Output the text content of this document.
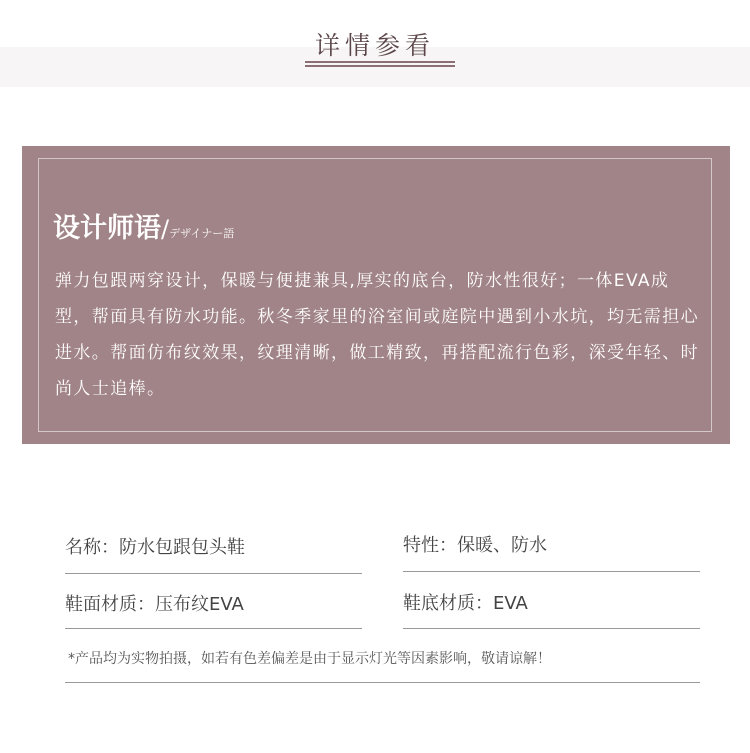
详情参看
设计师语/デザイナー語
弹力包跟两穿设计，保暖与便捷兼具,厚实的底台，防水性很好；一体EVA成型，帮面具有防水功能。秋冬季家里的浴室间或庭院中遇到小水坑，均无需担心进水。帮面仿布纹效果，纹理清晰，做工精致，再搭配流行色彩，深受年轻、时尚人士追棒。
名称：防水包跟包头鞋	特性：保暖、防水
鞋面材质：压布纹EVA	鞋底材质：EVA
*产品均为实物拍摄，如若有色差偏差是由于显示灯光等因素影响，敬请谅解！
